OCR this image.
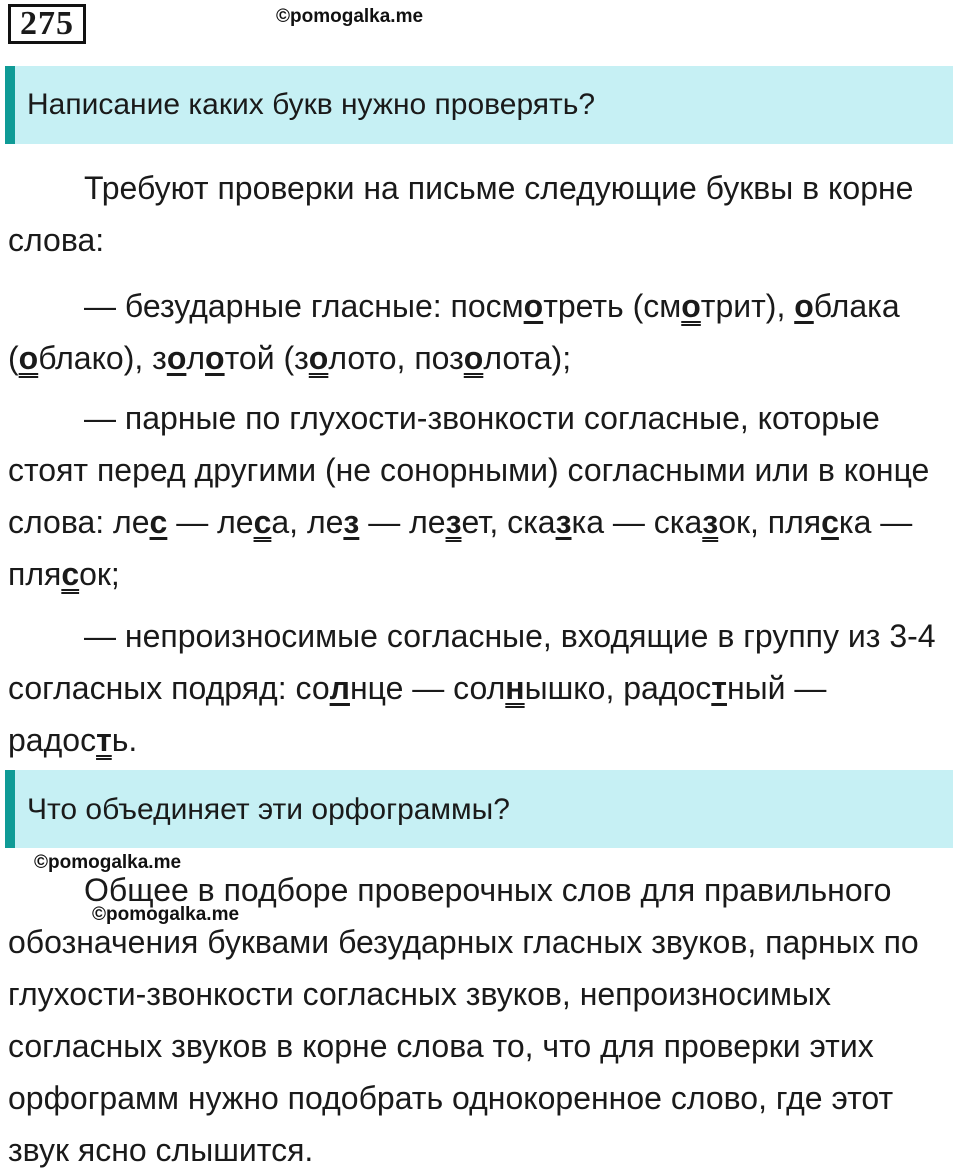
275	©pomogalka.me
Написание каких букв нужно проверять?

Требуют проверки на письме следующие буквы в корне слова:

— безударные гласные: посмотреть (смотрит), облака (облако), золотой (золото, позолота);

— парные по глухости-звонкости согласные, которые стоят перед другими (не сонорными) согласными или в конце слова: лес — леса, лез — лезет, сказка — сказок, пляска — плясок;

— непроизносимые согласные, входящие в группу из 3-4 согласных подряд: солнце — солнышко, радостный — радость.

Что объединяет эти орфограммы?

Общее в подборе проверочных слов для правильного обозначения буквами безударных гласных звуков, парных по глухости-звонкости согласных звуков, непроизносимых согласных звуков в корне слова то, что для проверки этих орфограмм нужно подобрать однокоренное слово, где этот звук ясно слышится.

©pomogalka.me
©pomogalka.me
